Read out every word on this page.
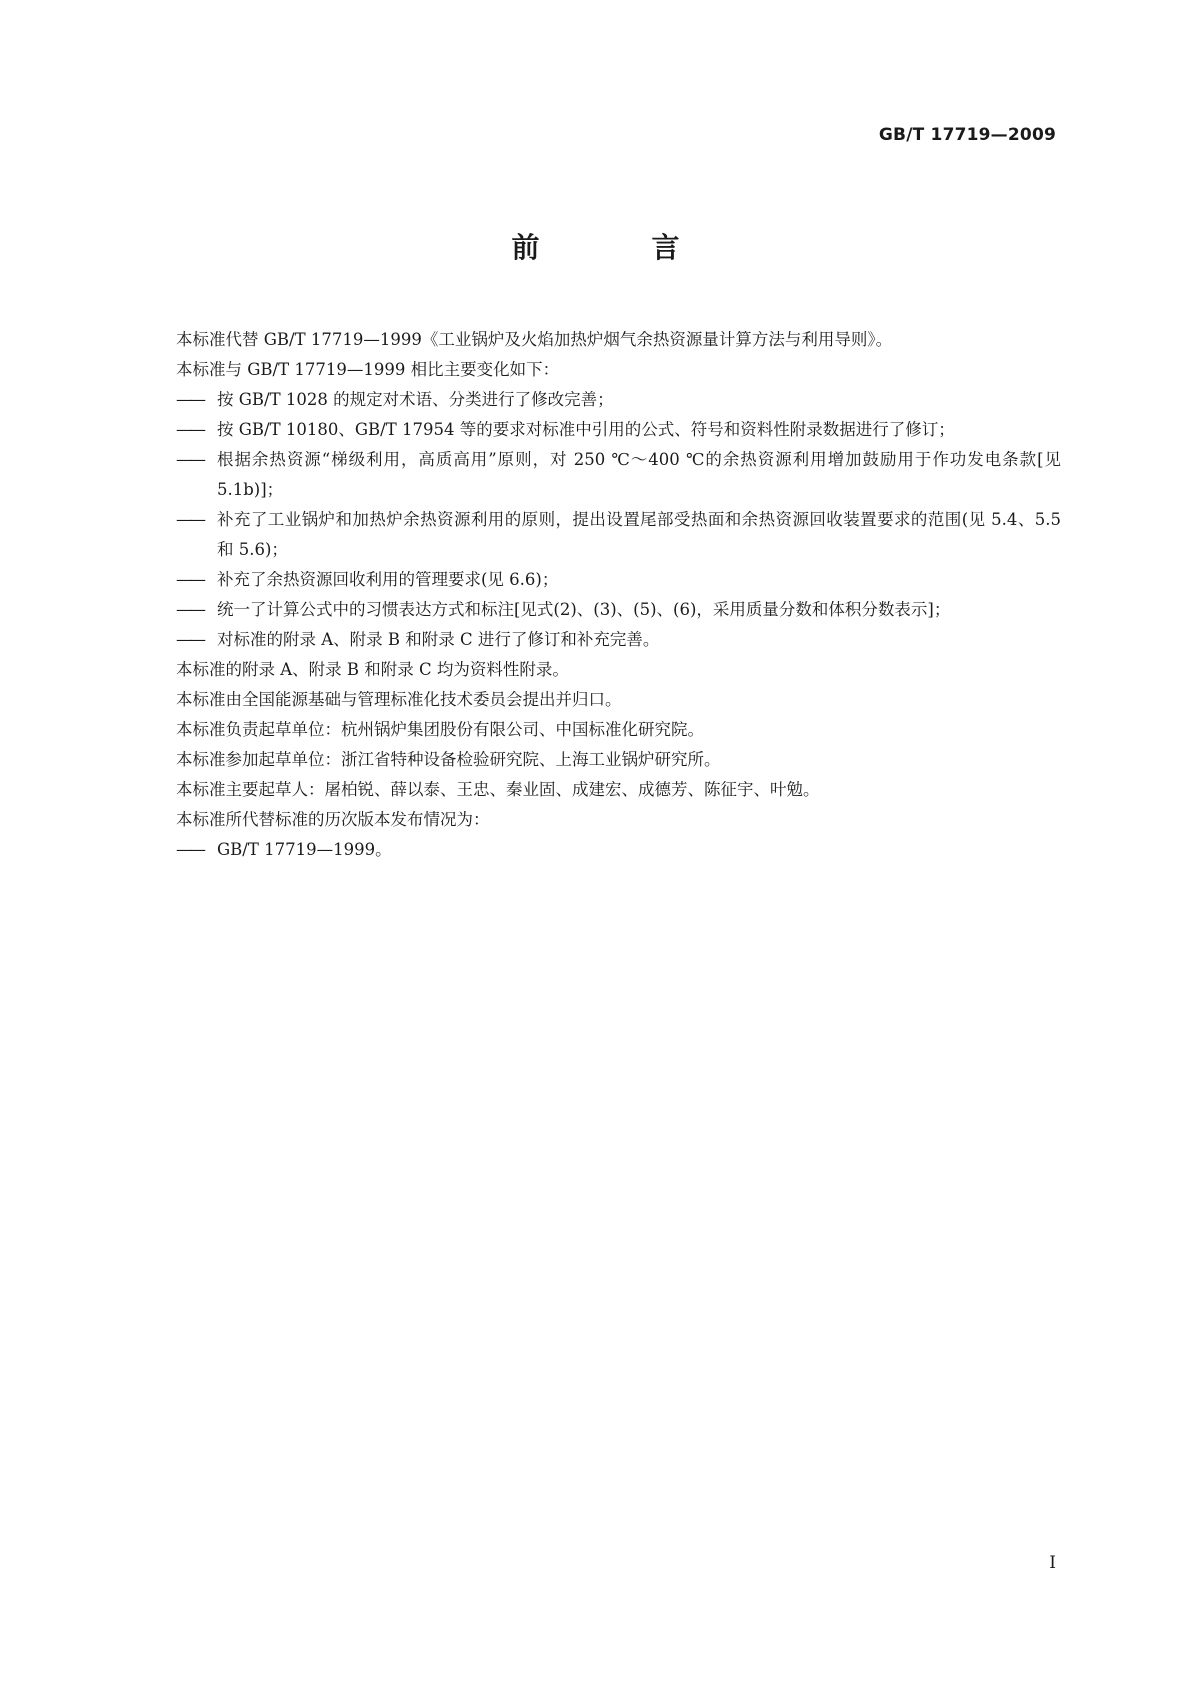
GB/T 17719—2009
前　言

本标准代替 GB/T 17719—1999《工业锅炉及火焰加热炉烟气余热资源量计算方法与利用导则》。

本标准与 GB/T 17719—1999 相比主要变化如下：

—— 按 GB/T 1028 的规定对术语、分类进行了修改完善；
—— 按 GB/T 10180、GB/T 17954 等的要求对标准中引用的公式、符号和资料性附录数据进行了修订；
—— 根据余热资源“梯级利用，高质高用”原则，对 250 ℃～400 ℃的余热资源利用增加鼓励用于作功发电条款[见 5.1b)]；
—— 补充了工业锅炉和加热炉余热资源利用的原则，提出设置尾部受热面和余热资源回收装置要求的范围(见 5.4、5.5 和 5.6)；
—— 补充了余热资源回收利用的管理要求(见 6.6)；
—— 统一了计算公式中的习惯表达方式和标注[见式(2)、(3)、(5)、(6)，采用质量分数和体积分数表示]；
—— 对标准的附录 A、附录 B 和附录 C 进行了修订和补充完善。

本标准的附录 A、附录 B 和附录 C 均为资料性附录。

本标准由全国能源基础与管理标准化技术委员会提出并归口。

本标准负责起草单位：杭州锅炉集团股份有限公司、中国标准化研究院。

本标准参加起草单位：浙江省特种设备检验研究院、上海工业锅炉研究所。

本标准主要起草人：屠柏锐、薛以泰、王忠、秦业固、成建宏、成德芳、陈征宇、叶勉。

本标准所代替标准的历次版本发布情况为：

—— GB/T 17719—1999。
I
